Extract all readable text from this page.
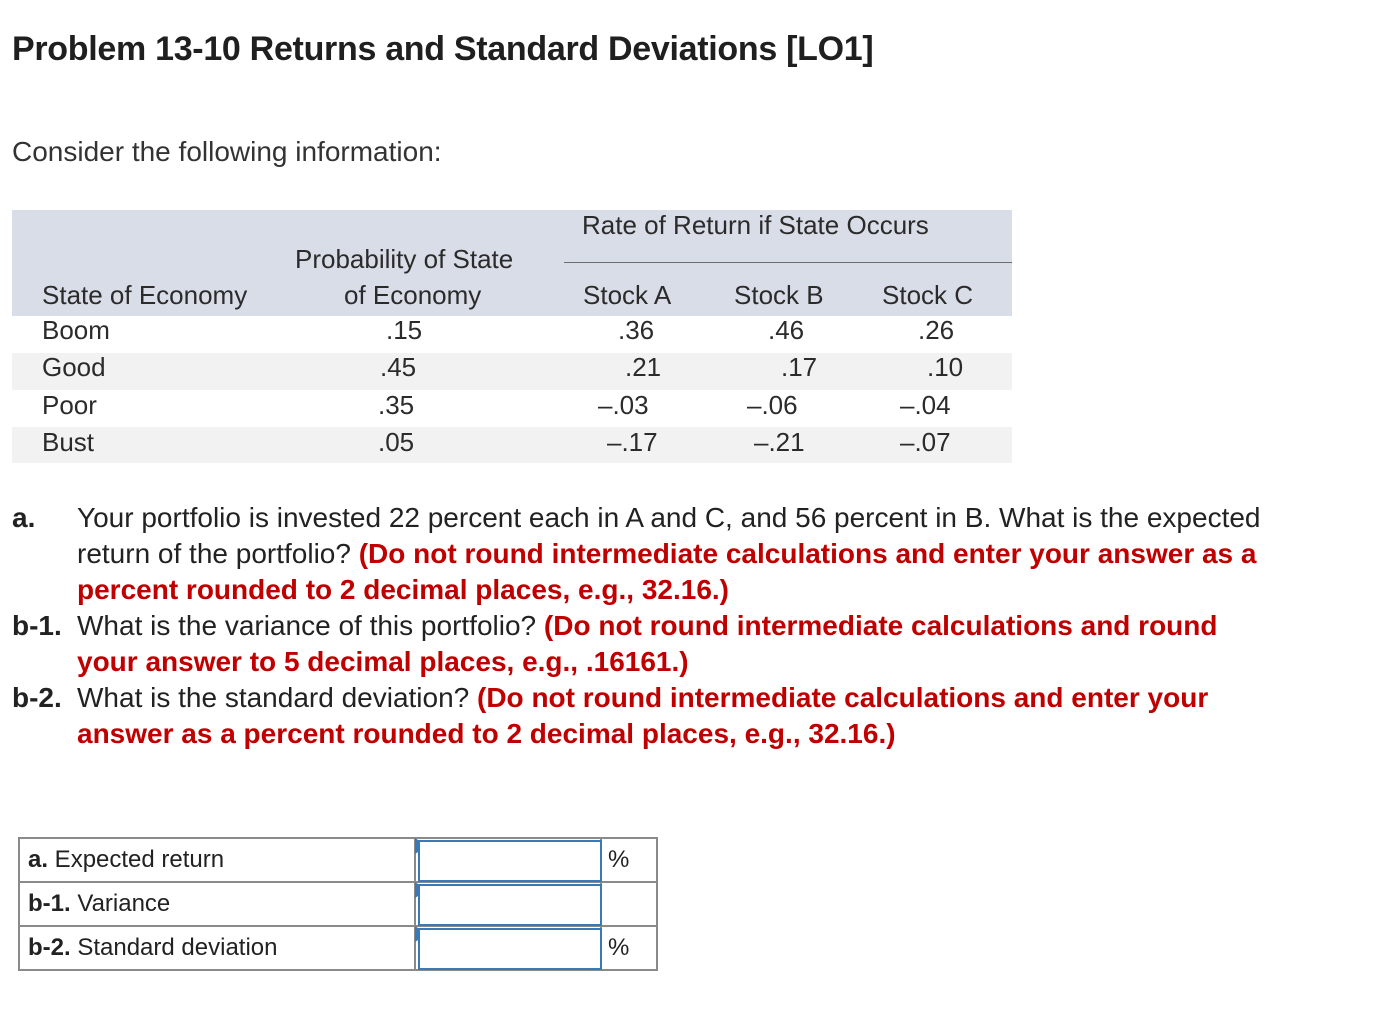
Problem 13-10 Returns and Standard Deviations [LO1]
Consider the following information:
Rate of Return if State Occurs
Probability of State
of Economy
State of Economy	Stock A Stock B Stock C
Boom	.15	.36	.46	.26
Good	.45	.21	.17	.10
Poor	.35	–.03	–.06	–.04
Bust	.05	–.17	–.21	–.07
a. Your portfolio is invested 22 percent each in A and C, and 56 percent in B. What is the expected return of the portfolio? (Do not round intermediate calculations and enter your answer as a percent rounded to 2 decimal places, e.g., 32.16.)
b-1. What is the variance of this portfolio? (Do not round intermediate calculations and round your answer to 5 decimal places, e.g., .16161.)
b-2. What is the standard deviation? (Do not round intermediate calculations and enter your answer as a percent rounded to 2 decimal places, e.g., 32.16.)
a. Expected return		%
b-1. Variance	

b-2. Standard deviation		%
